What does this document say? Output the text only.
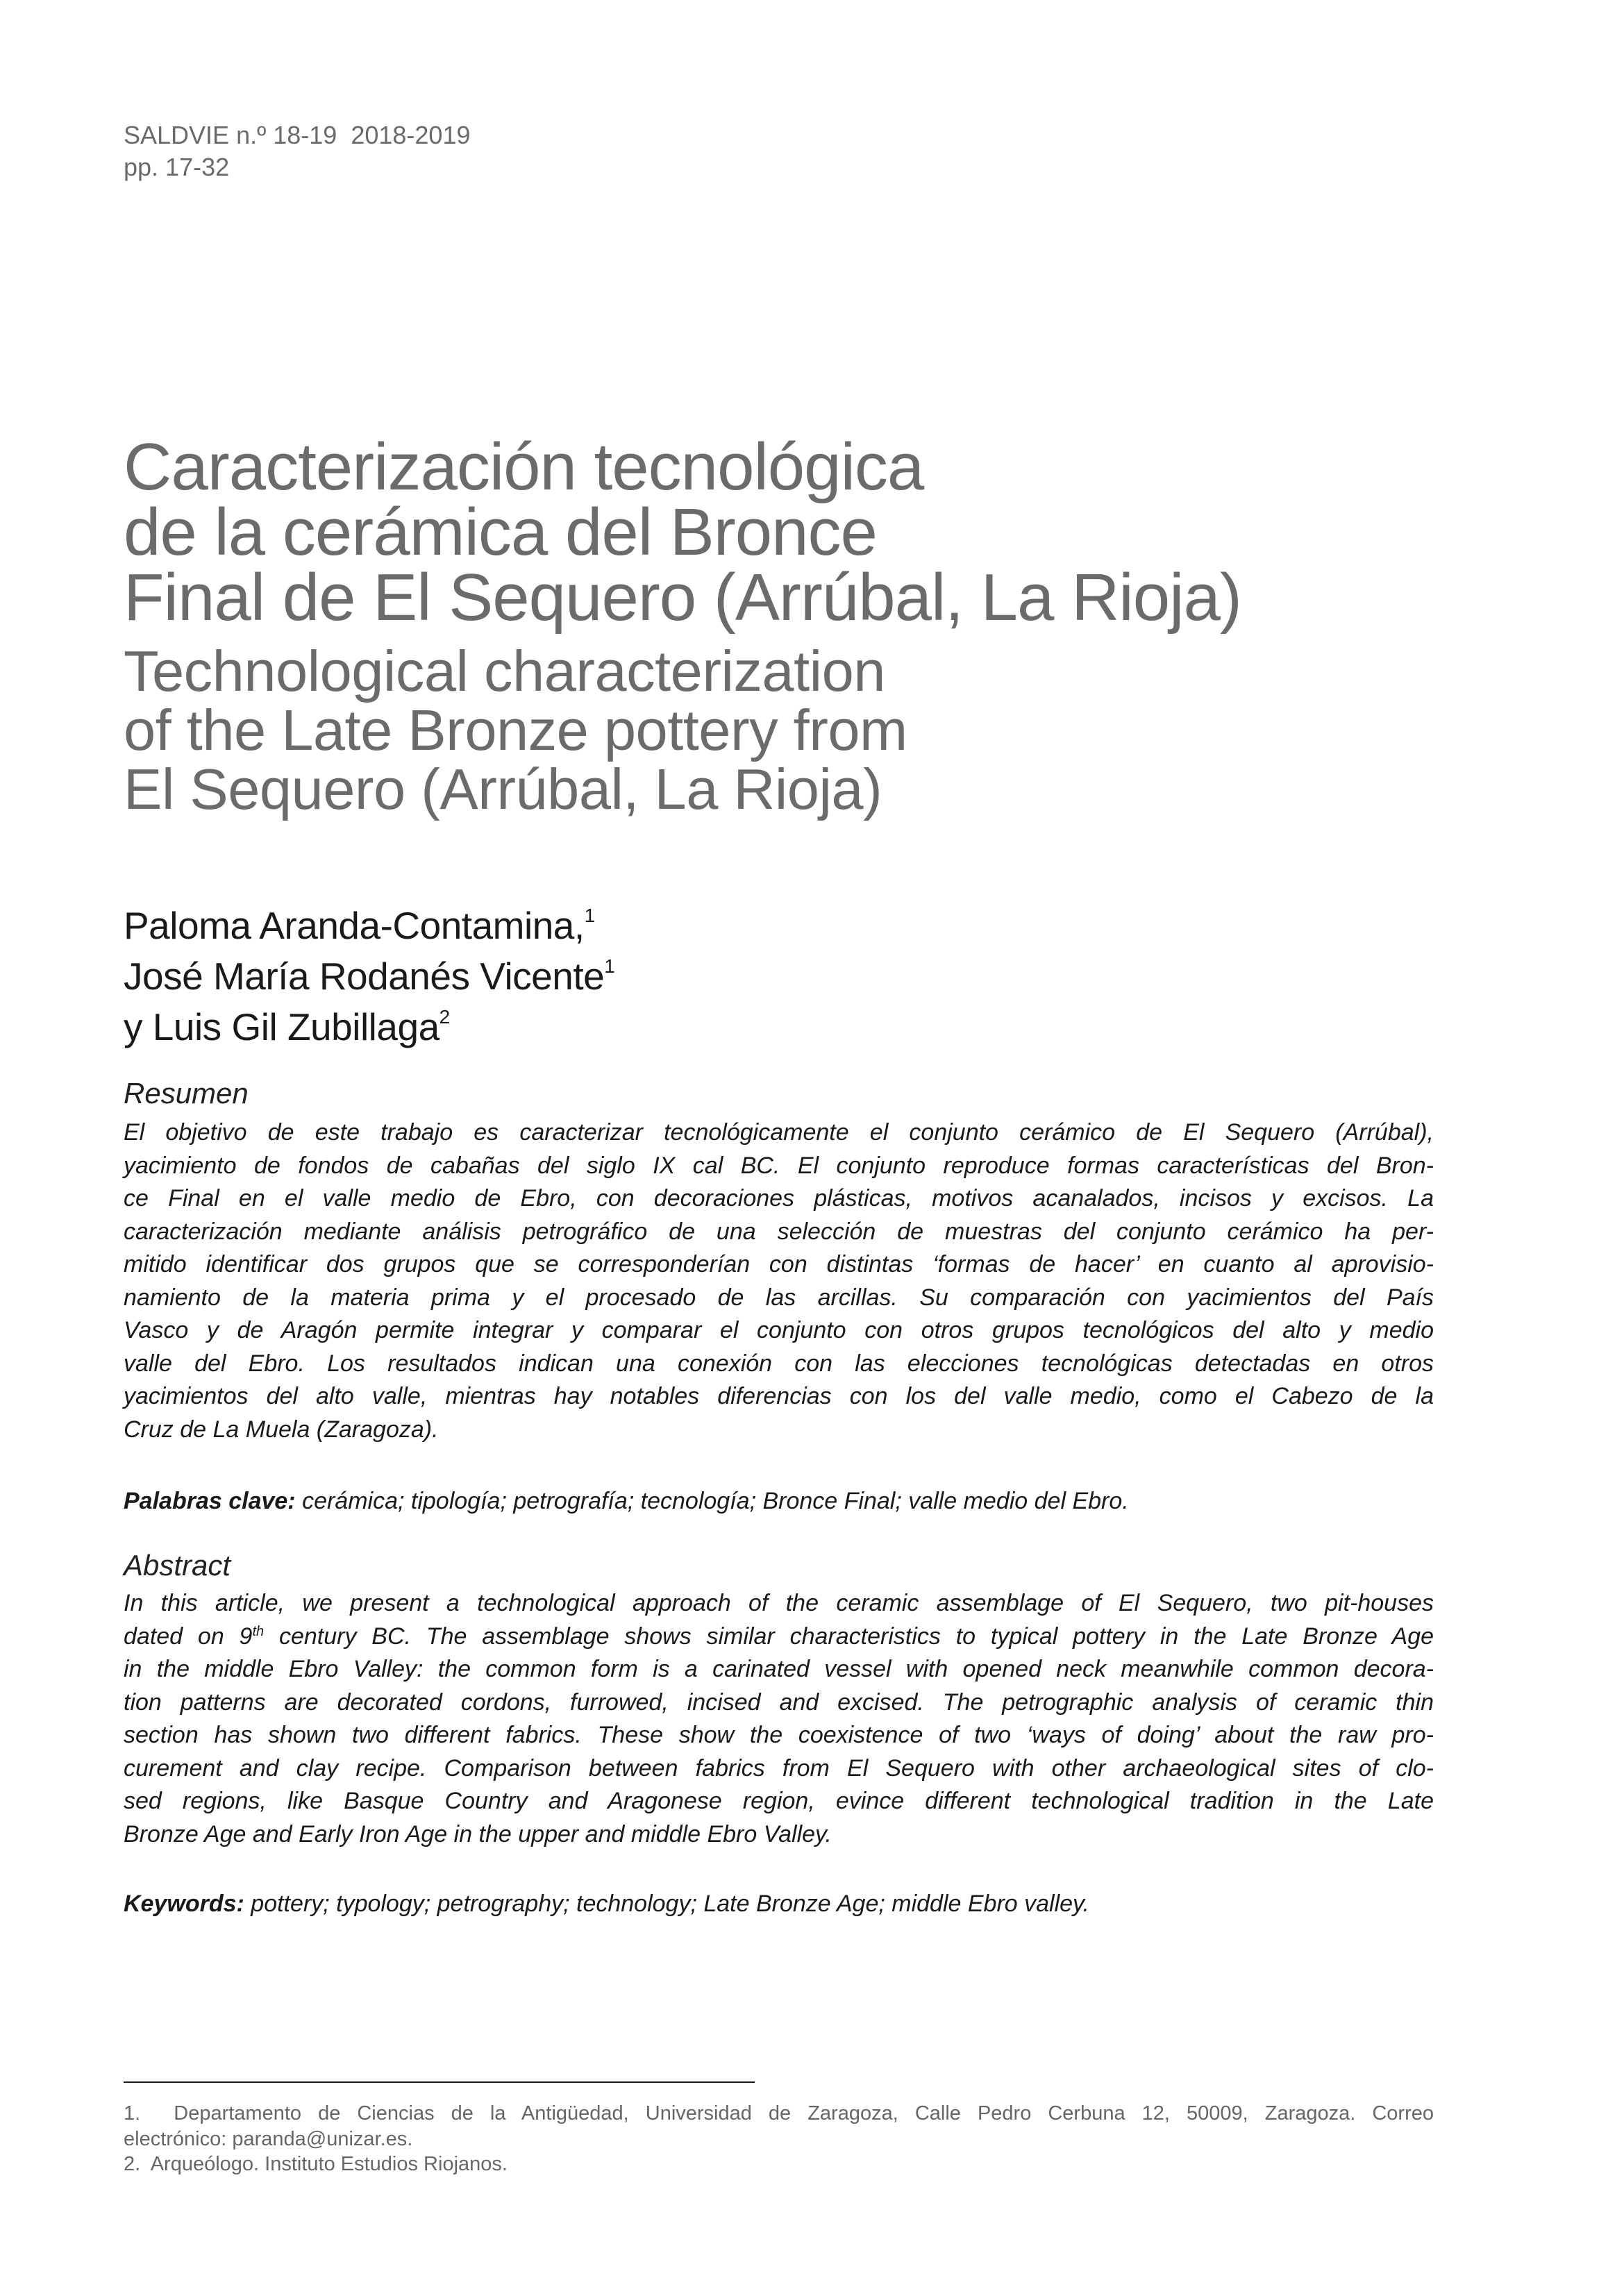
SALDVIE n.º 18-19  2018-2019
pp. 17-32
Caracterización tecnológica
de la cerámica del Bronce
Final de El Sequero (Arrúbal, La Rioja)
Technological characterization
of the Late Bronze pottery from
El Sequero (Arrúbal, La Rioja)
Paloma Aranda-Contamina,$^1$
José María Rodanés Vicente$^1$
y Luis Gil Zubillaga$^2$
Resumen
El objetivo de este trabajo es caracterizar tecnológicamente el conjunto cerámico de El Sequero (Arrúbal),
yacimiento de fondos de cabañas del siglo IX cal BC. El conjunto reproduce formas características del Bron-
ce Final en el valle medio de Ebro, con decoraciones plásticas, motivos acanalados, incisos y excisos. La
caracterización mediante análisis petrográfico de una selección de muestras del conjunto cerámico ha per-
mitido identificar dos grupos que se corresponderían con distintas ‘formas de hacer’ en cuanto al aprovisio-
namiento de la materia prima y el procesado de las arcillas. Su comparación con yacimientos del País
Vasco y de Aragón permite integrar y comparar el conjunto con otros grupos tecnológicos del alto y medio
valle del Ebro. Los resultados indican una conexión con las elecciones tecnológicas detectadas en otros
yacimientos del alto valle, mientras hay notables diferencias con los del valle medio, como el Cabezo de la
Cruz de La Muela (Zaragoza).
Palabras clave: cerámica; tipología; petrografía; tecnología; Bronce Final; valle medio del Ebro.
Abstract
In this article, we present a technological approach of the ceramic assemblage of El Sequero, two pit-houses
dated on 9th century BC. The assemblage shows similar characteristics to typical pottery in the Late Bronze Age
in the middle Ebro Valley: the common form is a carinated vessel with opened neck meanwhile common decora-
tion patterns are decorated cordons, furrowed, incised and excised. The petrographic analysis of ceramic thin
section has shown two different fabrics. These show the coexistence of two ‘ways of doing’ about the raw pro-
curement and clay recipe. Comparison between fabrics from El Sequero with other archaeological sites of clo-
sed regions, like Basque Country and Aragonese region, evince different technological tradition in the Late
Bronze Age and Early Iron Age in the upper and middle Ebro Valley.
Keywords: pottery; typology; petrography; technology; Late Bronze Age; middle Ebro valley.
1. Departamento de Ciencias de la Antigüedad, Universidad de Zaragoza, Calle Pedro Cerbuna 12, 50009, Zaragoza. Correo
electrónico: paranda@unizar.es.
2. Arqueólogo. Instituto Estudios Riojanos.
